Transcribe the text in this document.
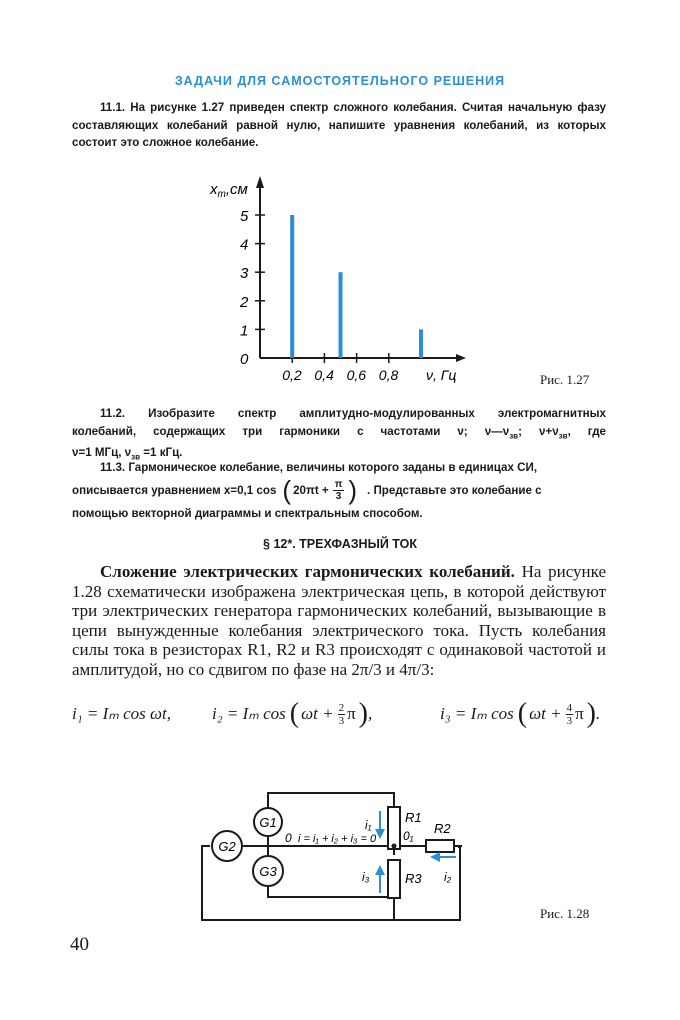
ЗАДАЧИ ДЛЯ САМОСТОЯТЕЛЬНОГО РЕШЕНИЯ
11.1. На рисунке 1.27 приведен спектр сложного колебания. Считая начальную фазу составляющих колебаний равной нулю, напишите уравнения колебаний, из которых состоит это сложное колебание.
0
1
2
3
4
5
0,2 0,4 0,6 0,8
$x_m,см$
ν, Гц	Рис. 1.27
11.2. Изобразите спектр амплитудно-модулированных электромагнитных
колебаний, содержащих три гармоники с частотами ν; $\nu—\nu_{зв}$; $\nu+\nu_{зв}$, где
ν=1 МГц, $\nu_{зв} =1$ кГц.
11.3. Гармоническое колебание, величины которого заданы в единицах СИ,
описывается уравнением x=0,1 cos ( $20\pi t + \frac{\pi}{3}$ ) . Представьте это колебание с
помощью векторной диаграммы и спектральным способом.
§ 12*. ТРЕХФАЗНЫЙ ТОК
Сложение электрических гармонических колебаний. На рисунке 1.28 схематически изображена электрическая цепь, в которой действуют три электрических генератора гармонических колебаний, вызывающие в цепи вынужденные колебания электрического тока. Пусть колебания силы тока в резисторах R1, R2 и R3 происходят с одинаковой частотой и амплитудой, но со сдвигом по фазе на 2π/3 и 4π/3:
i₁ = Iₘ cos ωt,	i₂ = Iₘ cos ( $\omega t + \frac{2}{3}$ π ) ,	i₃ = Iₘ cos ( $\omega t + \frac{4}{3}$ π ) .
G1
G2
G3
R1
R3
R2
0₁
0 i = i₁ + i₂ + i₃ = 0
i₁
i₃	i₂
Рис. 1.28
40
